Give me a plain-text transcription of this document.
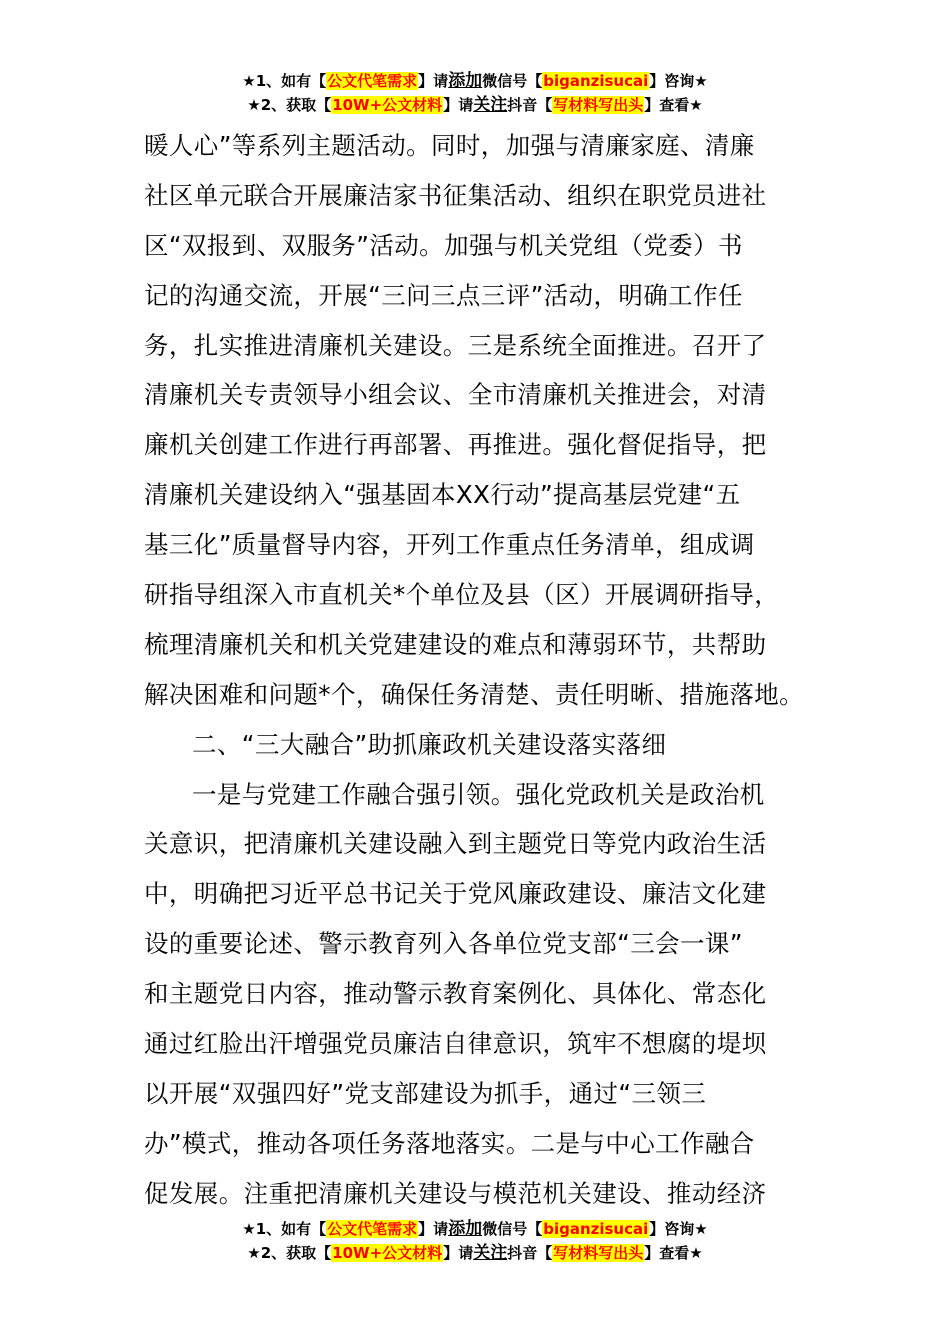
★1、如有【公文代笔需求】请添加微信号【biganzisucai】咨询★
★2、获取【10W+公文材料】请关注抖音【写材料写出头】查看★
暖人心”等系列主题活动。同时，加强与清廉家庭、清廉
社区单元联合开展廉洁家书征集活动、组织在职党员进社
区“双报到、双服务”活动。加强与机关党组（党委）书
记的沟通交流，开展“三问三点三评”活动，明确工作任
务，扎实推进清廉机关建设。三是系统全面推进。召开了
清廉机关专责领导小组会议、全市清廉机关推进会，对清
廉机关创建工作进行再部署、再推进。强化督促指导，把
清廉机关建设纳入“强基固本XX行动”提高基层党建“五
基三化”质量督导内容，开列工作重点任务清单，组成调
研指导组深入市直机关*个单位及县（区）开展调研指导，
梳理清廉机关和机关党建建设的难点和薄弱环节，共帮助
解决困难和问题*个，确保任务清楚、责任明晰、措施落地。
二、“三大融合”助抓廉政机关建设落实落细
一是与党建工作融合强引领。强化党政机关是政治机
关意识，把清廉机关建设融入到主题党日等党内政治生活
中，明确把习近平总书记关于党风廉政建设、廉洁文化建
设的重要论述、警示教育列入各单位党支部“三会一课”
和主题党日内容，推动警示教育案例化、具体化、常态化
通过红脸出汗增强党员廉洁自律意识，筑牢不想腐的堤坝
以开展“双强四好”党支部建设为抓手，通过“三领三
办”模式，推动各项任务落地落实。二是与中心工作融合
促发展。注重把清廉机关建设与模范机关建设、推动经济
★1、如有【公文代笔需求】请添加微信号【biganzisucai】咨询★
★2、获取【10W+公文材料】请关注抖音【写材料写出头】查看★
